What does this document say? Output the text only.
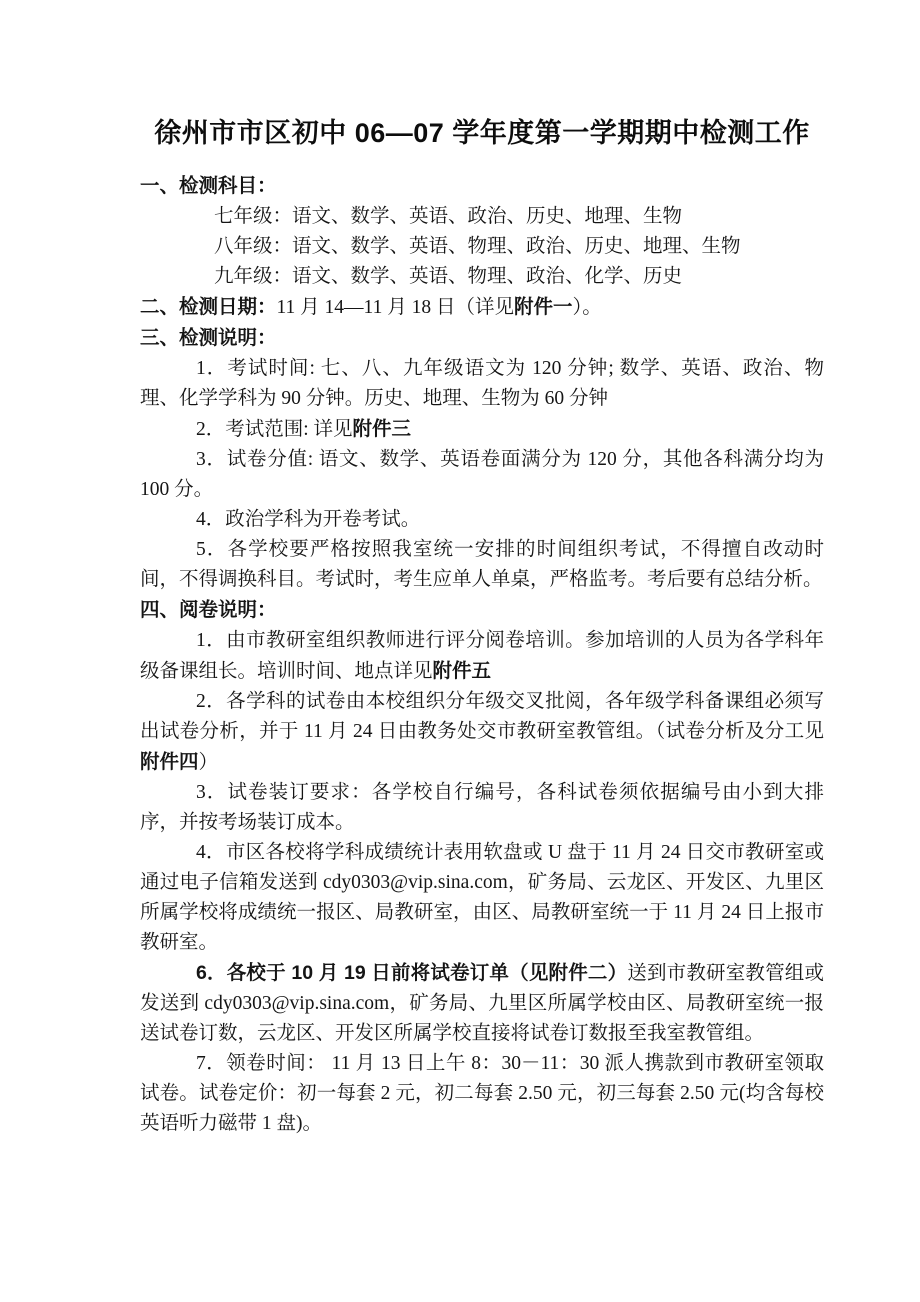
徐州市市区初中 06—07 学年度第一学期期中检测工作

一、检测科目：

七年级：语文、数学、英语、政治、历史、地理、生物

八年级：语文、数学、英语、物理、政治、历史、地理、生物

九年级：语文、数学、英语、物理、政治、化学、历史

二、检测日期：11 月 14—11 月 18 日（详见附件一）。

三、检测说明：

1．考试时间: 七、八、九年级语文为 120 分钟; 数学、英语、政治、物理、化学学科为 90 分钟。历史、地理、生物为 60 分钟

2．考试范围: 详见附件三

3．试卷分值: 语文、数学、英语卷面满分为 120 分，其他各科满分均为 100 分。

4．政治学科为开卷考试。

5．各学校要严格按照我室统一安排的时间组织考试，不得擅自改动时间，不得调换科目。考试时，考生应单人单桌，严格监考。考后要有总结分析。

四、阅卷说明：

1．由市教研室组织教师进行评分阅卷培训。参加培训的人员为各学科年级备课组长。培训时间、地点详见附件五

2．各学科的试卷由本校组织分年级交叉批阅，各年级学科备课组必须写出试卷分析，并于 11 月 24 日由教务处交市教研室教管组。（试卷分析及分工见附件四）

3．试卷装订要求：各学校自行编号，各科试卷须依据编号由小到大排序，并按考场装订成本。

4．市区各校将学科成绩统计表用软盘或 U 盘于 11 月 24 日交市教研室或通过电子信箱发送到 cdy0303@vip.sina.com，矿务局、云龙区、开发区、九里区所属学校将成绩统一报区、局教研室，由区、局教研室统一于 11 月 24 日上报市教研室。

6．各校于 10 月 19 日前将试卷订单（见附件二）送到市教研室教管组或发送到 cdy0303@vip.sina.com，矿务局、九里区所属学校由区、局教研室统一报送试卷订数，云龙区、开发区所属学校直接将试卷订数报至我室教管组。

7．领卷时间： 11 月 13 日上午 8：30－11：30 派人携款到市教研室领取试卷。试卷定价：初一每套 2 元，初二每套 2.50 元，初三每套 2.50 元(均含每校英语听力磁带 1 盘)。
